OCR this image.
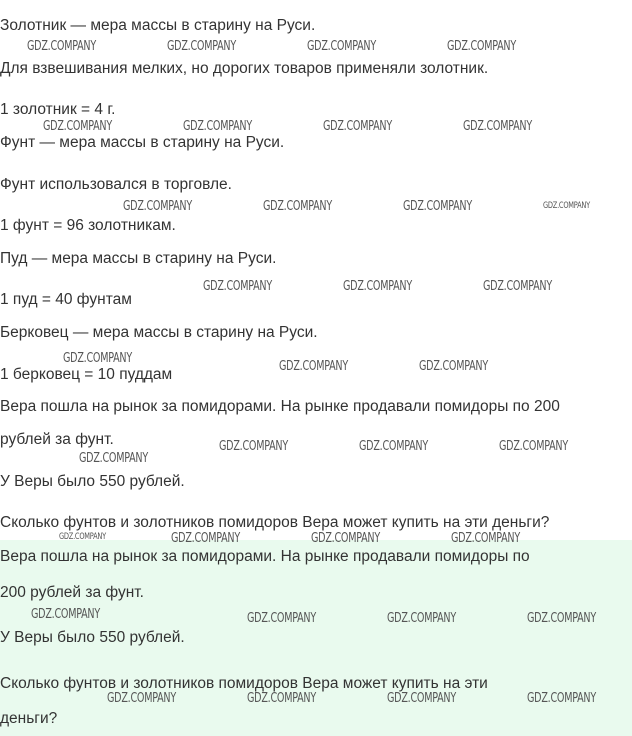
Золотник — мера массы в старину на Руси.

Для взвешивания мелких, но дорогих товаров применяли золотник.

1 золотник = 4 г.

Фунт — мера массы в старину на Руси.

Фунт использовался в торговле.

1 фунт = 96 золотникам.

Пуд — мера массы в старину на Руси.

1 пуд = 40 фунтам

Берковец — мера массы в старину на Руси.

1 берковец = 10 пуддам

Вера пошла на рынок за помидорами. На рынке продавали помидоры по 200

рублей за фунт.

У Веры было 550 рублей.

Сколько фунтов и золотников помидоров Вера может купить на эти деньги?

Вера пошла на рынок за помидорами. На рынке продавали помидоры по

200 рублей за фунт.

У Веры было 550 рублей.

Сколько фунтов и золотников помидоров Вера может купить на эти

деньги?

GDZ.COMPANY	GDZ.COMPANY	GDZ.COMPANY	GDZ.COMPANY
GDZ.COMPANY	GDZ.COMPANY	GDZ.COMPANY	GDZ.COMPANY
GDZ.COMPANY	GDZ.COMPANY	GDZ.COMPANY	GDZ.COMPANY
GDZ.COMPANY	GDZ.COMPANY	GDZ.COMPANY
GDZ.COMPANY
GDZ.COMPANY	GDZ.COMPANY
GDZ.COMPANY	GDZ.COMPANY	GDZ.COMPANY
GDZ.COMPANY
GDZ.COMPANY	GDZ.COMPANY	GDZ.COMPANY	GDZ.COMPANY
GDZ.COMPANY	GDZ.COMPANY	GDZ.COMPANY	GDZ.COMPANY
GDZ.COMPANY	GDZ.COMPANY	GDZ.COMPANY	GDZ.COMPANY
